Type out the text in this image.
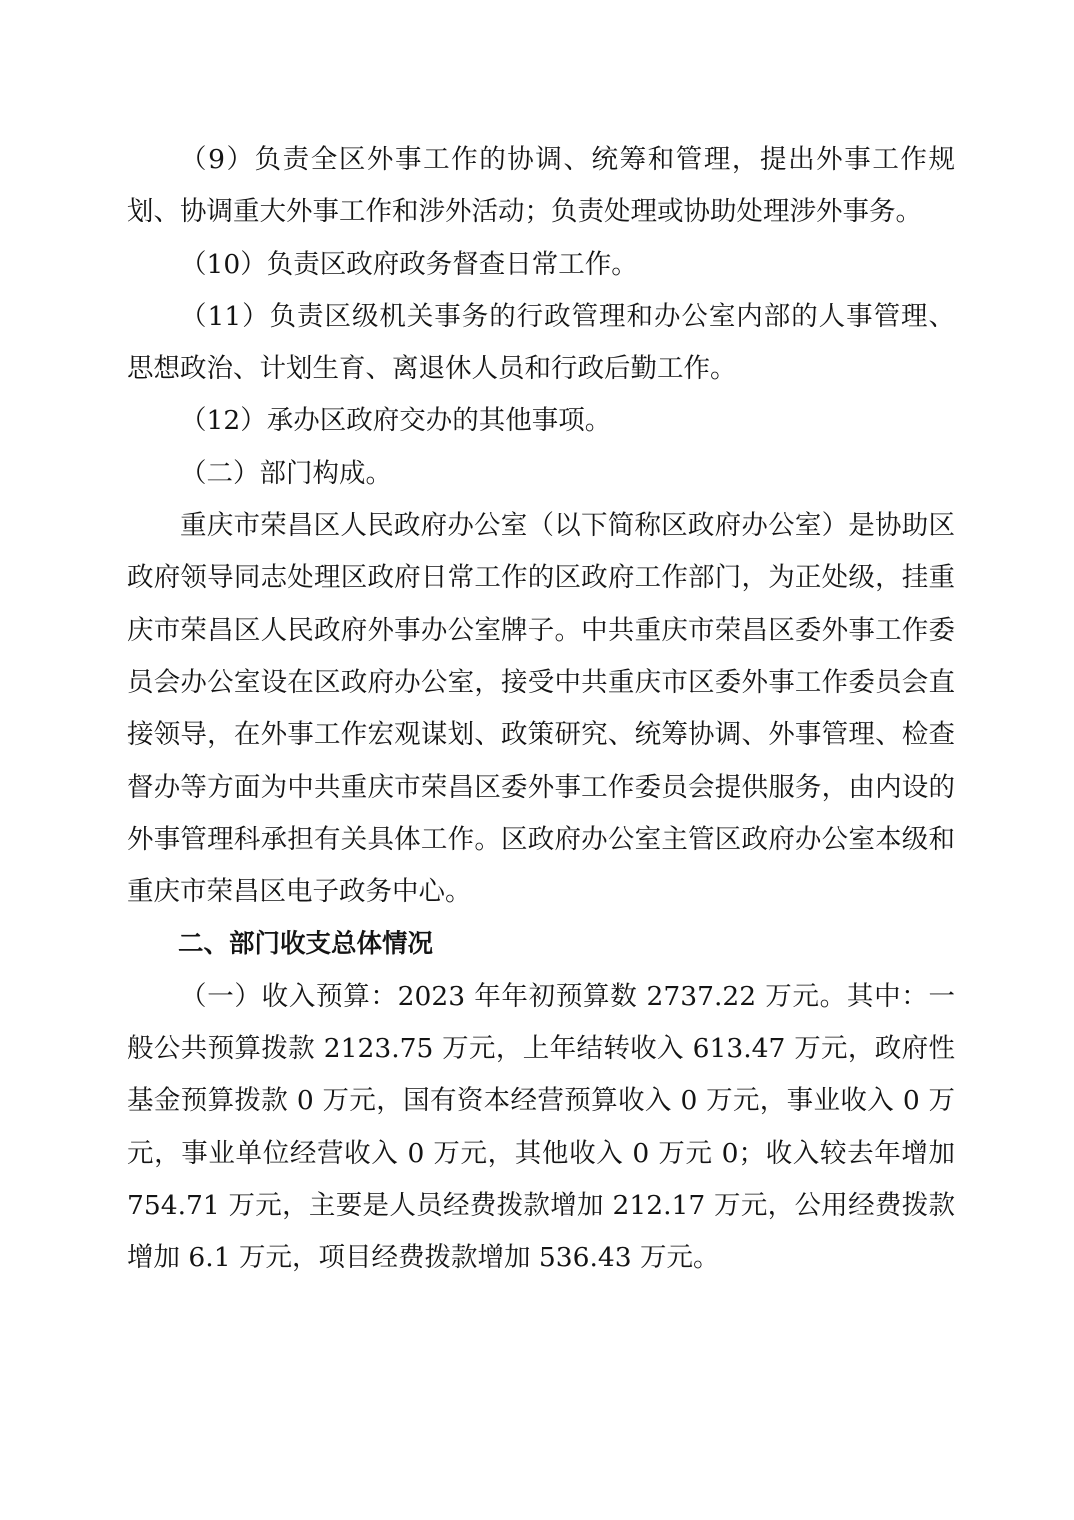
（9）负责全区外事工作的协调、统筹和管理，提出外事工作规划、协调重大外事工作和涉外活动；负责处理或协助处理涉外事务。

（10）负责区政府政务督查日常工作。

（11）负责区级机关事务的行政管理和办公室内部的人事管理、思想政治、计划生育、离退休人员和行政后勤工作。

（12）承办区政府交办的其他事项。

（二）部门构成。

重庆市荣昌区人民政府办公室（以下简称区政府办公室）是协助区政府领导同志处理区政府日常工作的区政府工作部门，为正处级，挂重庆市荣昌区人民政府外事办公室牌子。中共重庆市荣昌区委外事工作委员会办公室设在区政府办公室，接受中共重庆市区委外事工作委员会直接领导，在外事工作宏观谋划、政策研究、统筹协调、外事管理、检查督办等方面为中共重庆市荣昌区委外事工作委员会提供服务，由内设的外事管理科承担有关具体工作。区政府办公室主管区政府办公室本级和重庆市荣昌区电子政务中心。

二、部门收支总体情况

（一）收入预算：2023 年年初预算数 2737.22 万元。其中：一般公共预算拨款 2123.75 万元，上年结转收入 613.47 万元，政府性基金预算拨款 0 万元，国有资本经营预算收入 0 万元，事业收入 0 万元，事业单位经营收入 0 万元，其他收入 0 万元 0；收入较去年增加 754.71 万元，主要是人员经费拨款增加 212.17 万元，公用经费拨款增加 6.1 万元，项目经费拨款增加 536.43 万元。
